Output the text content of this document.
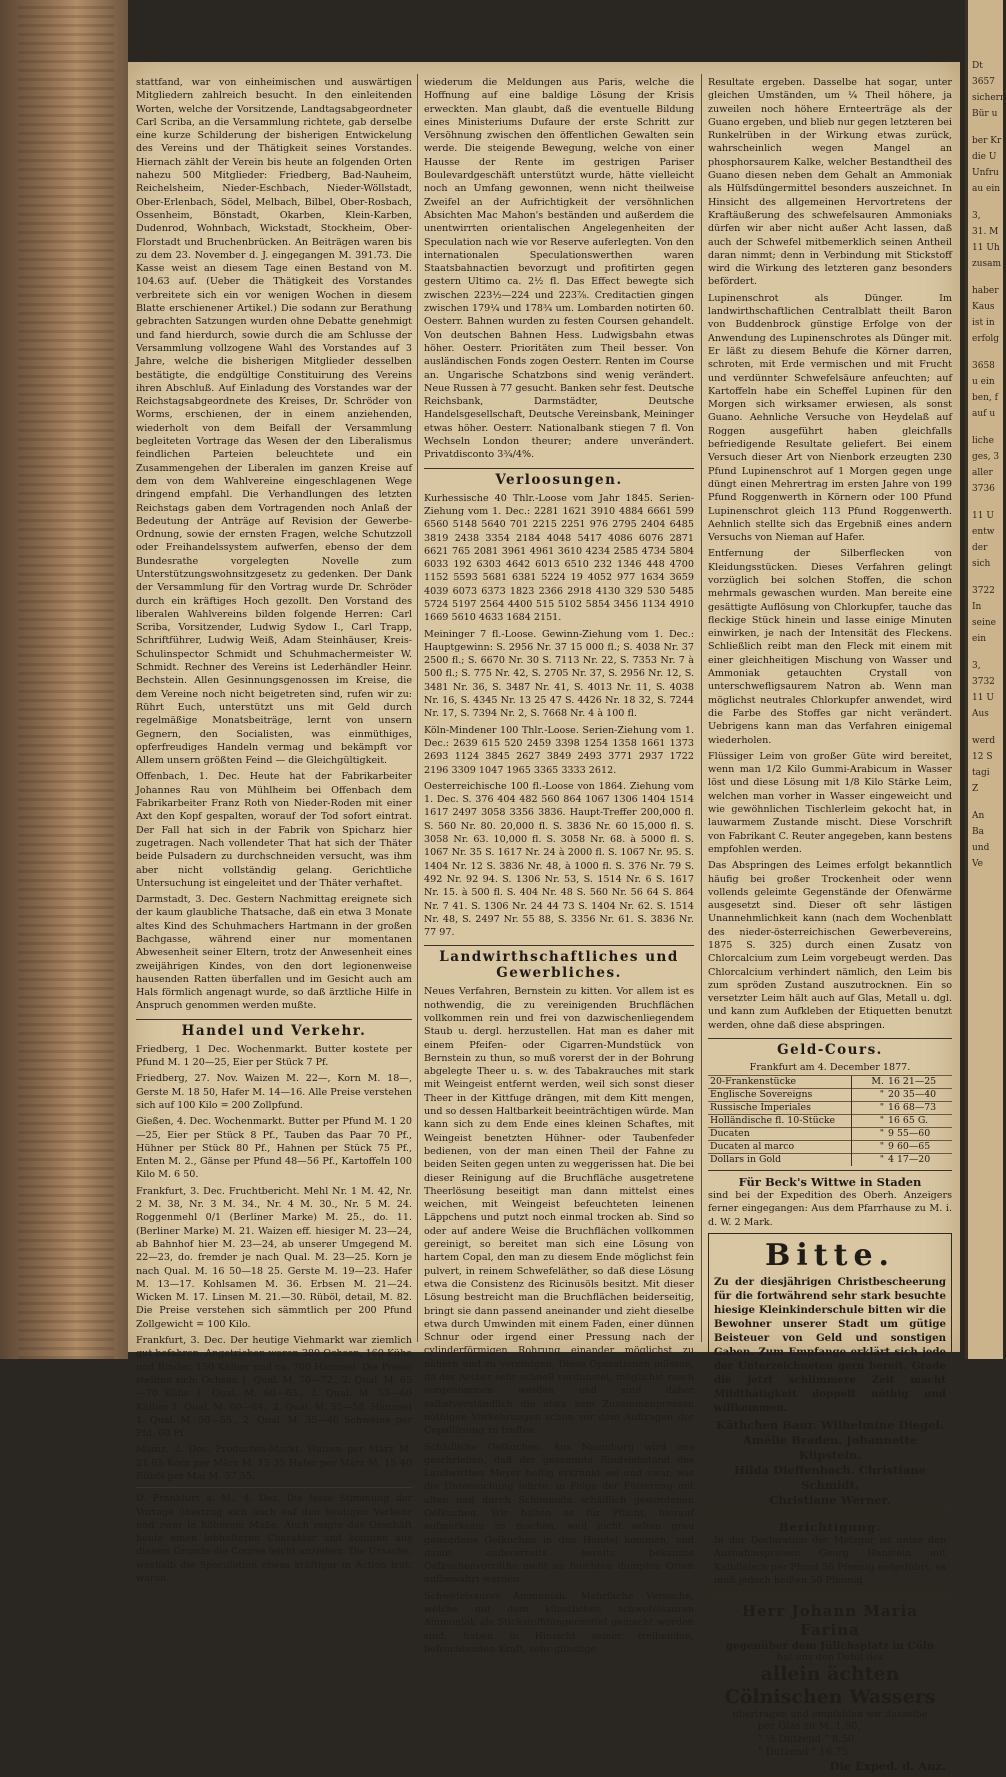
stattfand, war von einheimischen und auswärtigen Mitgliedern zahlreich besucht. In den einleitenden Worten, welche der Vorsitzende, Landtagsabgeordneter Carl Scriba, an die Versammlung richtete, gab derselbe eine kurze Schilderung der bisherigen Entwickelung des Vereins und der Thätigkeit seines Vorstandes. Hiernach zählt der Verein bis heute an folgenden Orten nahezu 500 Mitglieder: Friedberg, Bad-Nauheim, Reichelsheim, Nieder-Eschbach, Nieder-Wöllstadt, Ober-Erlenbach, Södel, Melbach, Bilbel, Ober-Rosbach, Ossenheim, Bönstadt, Okarben, Klein-Karben, Dudenrod, Wohnbach, Wickstadt, Stockheim, Ober-Florstadt und Bruchenbrücken. An Beiträgen waren bis zu dem 23. November d. J. eingegangen M. 391.73. Die Kasse weist an diesem Tage einen Bestand von M. 104.63 auf. (Ueber die Thätigkeit des Vorstandes verbreitete sich ein vor wenigen Wochen in diesem Blatte erschienener Artikel.) Die sodann zur Berathung gebrachten Satzungen wurden ohne Debatte genehmigt und fand hierdurch, sowie durch die am Schlusse der Versammlung vollzogene Wahl des Vorstandes auf 3 Jahre, welche die bisherigen Mitglieder desselben bestätigte, die endgültige Constituirung des Vereins ihren Abschluß. Auf Einladung des Vorstandes war der Reichstagsabgeordnete des Kreises, Dr. Schröder von Worms, erschienen, der in einem anziehenden, wiederholt von dem Beifall der Versammlung begleiteten Vortrage das Wesen der den Liberalismus feindlichen Parteien beleuchtete und ein Zusammengehen der Liberalen im ganzen Kreise auf dem von dem Wahlvereine eingeschlagenen Wege dringend empfahl. Die Verhandlungen des letzten Reichstags gaben dem Vortragenden noch Anlaß der Bedeutung der Anträge auf Revision der Gewerbe-Ordnung, sowie der ernsten Fragen, welche Schutzzoll oder Freihandelssystem aufwerfen, ebenso der dem Bundesrathe vorgelegten Novelle zum Unterstützungswohnsitzgesetz zu gedenken. Der Dank der Versammlung für den Vortrag wurde Dr. Schröder durch ein kräftiges Hoch gezollt. Den Vorstand des liberalen Wahlvereins bilden folgende Herren: Carl Scriba, Vorsitzender, Ludwig Sydow I., Carl Trapp, Schriftführer, Ludwig Weiß, Adam Steinhäuser, Kreis-Schulinspector Schmidt und Schuhmachermeister W. Schmidt. Rechner des Vereins ist Lederhändler Heinr. Bechstein. Allen Gesinnungsgenossen im Kreise, die dem Vereine noch nicht beigetreten sind, rufen wir zu: Rührt Euch, unterstützt uns mit Geld durch regelmäßige Monatsbeiträge, lernt von unsern Gegnern, den Socialisten, was einmüthiges, opferfreudiges Handeln vermag und bekämpft vor Allem unsern größten Feind — die Gleichgültigkeit.

Offenbach, 1. Dec. Heute hat der Fabrikarbeiter Johannes Rau von Mühlheim bei Offenbach dem Fabrikarbeiter Franz Roth von Nieder-Roden mit einer Axt den Kopf gespalten, worauf der Tod sofort eintrat. Der Fall hat sich in der Fabrik von Spicharz hier zugetragen. Nach vollendeter That hat sich der Thäter beide Pulsadern zu durchschneiden versucht, was ihm aber nicht vollständig gelang. Gerichtliche Untersuchung ist eingeleitet und der Thäter verhaftet.

Darmstadt, 3. Dec. Gestern Nachmittag ereignete sich der kaum glaubliche Thatsache, daß ein etwa 3 Monate altes Kind des Schuhmachers Hartmann in der großen Bachgasse, während einer nur momentanen Abwesenheit seiner Eltern, trotz der Anwesenheit eines zweijährigen Kindes, von den dort legionenweise hausenden Ratten überfallen und im Gesicht auch am Hals förmlich angenagt wurde, so daß ärztliche Hilfe in Anspruch genommen werden mußte.

Handel und Verkehr.

Friedberg, 1 Dec. Wochenmarkt. Butter kostete per Pfund M. 1 20—25, Eier per Stück 7 Pf.

Friedberg, 27. Nov. Waizen M. 22—, Korn M. 18—, Gerste M. 18 50, Hafer M. 14—16. Alle Preise verstehen sich auf 100 Kilo = 200 Zollpfund.

Gießen, 4. Dec. Wochenmarkt. Butter per Pfund M. 1 20—25, Eier per Stück 8 Pf., Tauben das Paar 70 Pf., Hühner per Stück 80 Pf., Hahnen per Stück 75 Pf., Enten M. 2., Gänse per Pfund 48—56 Pf., Kartoffeln 100 Kilo M. 6 50.

Frankfurt, 3. Dec. Fruchtbericht. Mehl Nr. 1 M. 42, Nr. 2 M. 38, Nr. 3 M. 34., Nr. 4 M. 30., Nr. 5 M. 24. Roggenmehl 0/1 (Berliner Marke) M. 25., do. 11. (Berliner Marke) M. 21. Waizen eff. hiesiger M. 23—24, ab Bahnhof hier M. 23—24, ab unserer Umgegend M. 22—23, do. fremder je nach Qual. M. 23—25. Korn je nach Qual. M. 16 50—18 25. Gerste M. 19—23. Hafer M. 13—17. Kohlsamen M. 36. Erbsen M. 21—24. Wicken M. 17. Linsen M. 21.—30. Rüböl, detail, M. 82. Die Preise verstehen sich sämmtlich per 200 Pfund Zollgewicht = 100 Kilo.

Frankfurt, 3. Dec. Der heutige Viehmarkt war ziemlich gut befahren. Angetrieben waren 380 Ochsen, 160 Kühe und Rinder, 150 Kälber und ca. 700 Hämmel. Die Preise stellten sich: Ochsen 1. Qual. M. 70—72., 2. Qual. M. 65—70 Kühe 1. Qual. M. 60—63., 2. Qual. M. 55—60 Kälber 1. Qual. M. 60—64., 2. Qual. M. 55—58. Hämmel 1. Qual. M. 50—55., 2. Qual. M. 35—40 Schweine per Pfd. 60 Pf.

Mainz, 3. Dec. Producten-Markt. Waizen per März M. 21.65 Korn per März M. 15 35 Hafer per März M. 15 40 Rüböl per Mai M. 37.55.

D. Frankfurt a. M., 4. Dez. Die feste Stimmung der Vortage übertrug sich auch auf den heutigen Verkehr und zwar in höherem Maße. Auch zeigte das Geschäft heute einen lebhafteren Charakter und konnten aus diesem Grunde die Course leicht anziehen. Die Ursache, weshalb die Speculation etwas kräftiger in Action trat, waren

wiederum die Meldungen aus Paris, welche die Hoffnung auf eine baldige Lösung der Krisis erweckten. Man glaubt, daß die eventuelle Bildung eines Ministeriums Dufaure der erste Schritt zur Versöhnung zwischen den öffentlichen Gewalten sein werde. Die steigende Bewegung, welche von einer Hausse der Rente im gestrigen Pariser Boulevardgeschäft unterstützt wurde, hätte vielleicht noch an Umfang gewonnen, wenn nicht theilweise Zweifel an der Aufrichtigkeit der versöhnlichen Absichten Mac Mahon's beständen und außerdem die unentwirrten orientalischen Angelegenheiten der Speculation nach wie vor Reserve auferlegten. Von den internationalen Speculationswerthen waren Staatsbahnactien bevorzugt und profitirten gegen gestern Ultimo ca. 2½ fl. Das Effect bewegte sich zwischen 223½—224 und 223⅞. Creditactien gingen zwischen 179¼ und 178¾ um. Lombarden notirten 60. Oesterr. Bahnen wurden zu festen Coursen gehandelt. Von deutschen Bahnen Hess. Ludwigsbahn etwas höher. Oesterr. Prioritäten zum Theil besser. Von ausländischen Fonds zogen Oesterr. Renten im Course an. Ungarische Schatzbons sind wenig verändert. Neue Russen à 77 gesucht. Banken sehr fest. Deutsche Reichsbank, Darmstädter, Deutsche Handelsgesellschaft, Deutsche Vereinsbank, Meininger etwas höher. Oesterr. Nationalbank stiegen 7 fl. Von Wechseln London theurer; andere unverändert. Privatdiscontо 3¾/4%.

Verloosungen.

Kurhessische 40 Thlr.-Loose vom Jahr 1845. Serien-Ziehung vom 1. Dec.: 2281 1621 3910 4884 6661 599 6560 5148 5640 701 2215 2251 976 2795 2404 6485 3819 2438 3354 2184 4048 5417 4086 6076 2871 6621 765 2081 3961 4961 3610 4234 2585 4734 5804 6033 192 6303 4642 6013 6510 232 1346 448 4700 1152 5593 5681 6381 5224 19 4052 977 1634 3659 4039 6073 6373 1823 2366 2918 4130 329 530 5485 5724 5197 2564 4400 515 5102 5854 3456 1134 4910 1669 5610 4633 1684 2151.

Meininger 7 fl.-Loose. Gewinn-Ziehung vom 1. Dec.: Hauptgewinn: S. 2956 Nr. 37 15 000 fl.; S. 4038 Nr. 37 2500 fl.; S. 6670 Nr. 30 S. 7113 Nr. 22, S. 7353 Nr. 7 à 500 fl.; S. 775 Nr. 42, S. 2705 Nr. 37, S. 2956 Nr. 12, S. 3481 Nr. 36, S. 3487 Nr. 41, S. 4013 Nr. 11, S. 4038 Nr. 16, S. 4345 Nr. 13 25 47 S. 4426 Nr. 18 32, S. 7244 Nr. 17, S. 7394 Nr. 2, S. 7668 Nr. 4 à 100 fl.

Köln-Mindener 100 Thlr.-Loose. Serien-Ziehung vom 1. Dec.: 2639 615 520 2459 3398 1254 1358 1661 1373 2693 1124 3845 2627 3849 2493 3771 2937 1722 2196 3309 1047 1965 3365 3333 2612.

Oesterreichische 100 fl.-Loose von 1864. Ziehung vom 1. Dec. S. 376 404 482 560 864 1067 1306 1404 1514 1617 2497 3058 3356 3836. Haupt-Treffer 200,000 fl. S. 560 Nr. 80. 20,000 fl. S. 3836 Nr. 60 15,000 fl. S. 3058 Nr. 63. 10,000 fl. S. 3058 Nr. 68. à 5000 fl. S. 1067 Nr. 35 S. 1617 Nr. 24 à 2000 fl. S. 1067 Nr. 95. S. 1404 Nr. 12 S. 3836 Nr. 48, à 1000 fl. S. 376 Nr. 79 S. 492 Nr. 92 94. S. 1306 Nr. 53, S. 1514 Nr. 6 S. 1617 Nr. 15. à 500 fl. S. 404 Nr. 48 S. 560 Nr. 56 64 S. 864 Nr. 7 41. S. 1306 Nr. 24 44 73 S. 1404 Nr. 62. S. 1514 Nr. 48, S. 2497 Nr. 55 88, S. 3356 Nr. 61. S. 3836 Nr. 77 97.

Landwirthschaftliches und Gewerbliches.

Neues Verfahren, Bernstein zu kitten. Vor allem ist es nothwendig, die zu vereinigenden Bruchflächen vollkommen rein und frei von dazwischenliegendem Staub u. dergl. herzustellen. Hat man es daher mit einem Pfeifen- oder Cigarren-Mundstück von Bernstein zu thun, so muß vorerst der in der Bohrung abgelegte Theer u. s. w. des Tabakrauches mit stark mit Weingeist entfernt werden, weil sich sonst dieser Theer in der Kittfuge drängen, mit dem Kitt mengen, und so dessen Haltbarkeit beeinträchtigen würde. Man kann sich zu dem Ende eines kleinen Schaftes, mit Weingeist benetzten Hühner- oder Taubenfeder bedienen, von der man einen Theil der Fahne zu beiden Seiten gegen unten zu weggerissen hat. Die bei dieser Reinigung auf die Bruchfläche ausgetretene Theerlösung beseitigt man dann mittelst eines weichen, mit Weingeist befeuchteten leinenen Läppchens und putzt noch einmal trocken ab. Sind so oder auf andere Weise die Bruchflächen vollkommen gereinigt, so bereitet man sich eine Lösung von hartem Copal, den man zu diesem Ende möglichst fein pulvert, in reinem Schwefeläther, so daß diese Lösung etwa die Consistenz des Ricinusöls besitzt. Mit dieser Lösung bestreicht man die Bruchflächen beiderseitig, bringt sie dann passend aneinander und zieht dieselbe etwa durch Umwinden mit einem Faden, einer dünnen Schnur oder irgend einer Pressung nach der cylinderförmigen Rohrung einander möglichst zu nähern und zu vereinigen. Diese Operationen müssen, da der Aether sehr schnell verdunstet, möglichst rasch vorgenommen werden und sind daher selbstverständlich die etwa zum Zusammenpressen nöthigen Vorkehrungen schon vor dem Auftragen der Copallösung zu treffen.

Schädliche Oelkuchen. Aus Naumburg wird uns geschrieben, daß der gesammte Rindviehstand des Landwirthes Meyer heftig erkrankt sei und zwar, wie die Untersuchung lehrte, in Folge der Fütterung mit alten und durch Schimmeln schädlich gewordenen Oelkuchen. Wir halten es für Pflicht, hierauf aufmerksam zu machen, weil nicht selten grau gewordene Oelkuchen in den Handel kommen, und damit andererseits bereits bekannte Oelkuchenvorräthe nicht an feuchten dumpfen Orten aufbewahrt werden.

Schwefelsaures Ammoniak. Mehrfache Versuche, welche mit dem künstlichen schwefelsauren Ammoniak als Stickstoffdüngermittel gemacht worden sind, haben in Hinsicht seiner treibenden, befruchtenden Kraft, sehr günstige

Resultate ergeben. Dasselbe hat sogar, unter gleichen Umständen, um ¼ Theil höhere, ja zuweilen noch höhere Ernteerträge als der Guano ergeben, und blieb nur gegen letzteren bei Runkelrüben in der Wirkung etwas zurück, wahrscheinlich wegen Mangel an phosphorsaurem Kalke, welcher Bestandtheil des Guano diesen neben dem Gehalt an Ammoniak als Hülfsdüngermittel besonders auszeichnet. In Hinsicht des allgemeinen Hervortretens der Kraftäußerung des schwefelsauren Ammoniaks dürfen wir aber nicht außer Acht lassen, daß auch der Schwefel mitbemerklich seinen Antheil daran nimmt; denn in Verbindung mit Stickstoff wird die Wirkung des letzteren ganz besonders befördert.

Lupinenschrot als Dünger. Im landwirthschaftlichen Centralblatt theilt Baron von Buddenbrock günstige Erfolge von der Anwendung des Lupinenschrotes als Dünger mit. Er läßt zu diesem Behufe die Körner darren, schroten, mit Erde vermischen und mit Frucht und verdünnter Schwefelsäure anfeuchten; auf Kartoffeln habe ein Scheffel Lupinen für den Morgen sich wirksamer erwiesen, als sonst Guano. Aehnliche Versuche von Heydelaß auf Roggen ausgeführt haben gleichfalls befriedigende Resultate geliefert. Bei einem Versuch dieser Art von Nienbork erzeugten 230 Pfund Lupinenschrot auf 1 Morgen gegen unge düngt einen Mehrertrag im ersten Jahre von 199 Pfund Roggenwerth in Körnern oder 100 Pfund Lupinenschrot gleich 113 Pfund Roggenwerth. Aehnlich stellte sich das Ergebniß eines andern Versuchs von Nieman auf Hafer.

Entfernung der Silberflecken von Kleidungsstücken. Dieses Verfahren gelingt vorzüglich bei solchen Stoffen, die schon mehrmals gewaschen wurden. Man bereite eine gesättigte Auflösung von Chlorkupfer, tauche das fleckige Stück hinein und lasse einige Minuten einwirken, je nach der Intensität des Fleckens. Schließlich reibt man den Fleck mit einem mit einer gleichheitigen Mischung von Wasser und Ammoniak getauchten Crystall von unterschwefligsaurem Natron ab. Wenn man möglichst neutrales Chlorkupfer anwendet, wird die Farbe des Stoffes gar nicht verändert. Uebrigens kann man das Verfahren einigemal wiederholen.

Flüssiger Leim von großer Güte wird bereitet, wenn man 1/2 Kilo Gummi-Arabicum in Wasser löst und diese Lösung mit 1/8 Kilo Stärke Leim, welchen man vorher in Wasser eingeweicht und wie gewöhnlichen Tischlerleim gekocht hat, in lauwarmem Zustande mischt. Diese Vorschrift von Fabrikant C. Reuter angegeben, kann bestens empfohlen werden.

Das Abspringen des Leimes erfolgt bekanntlich häufig bei großer Trockenheit oder wenn vollends geleimte Gegenstände der Ofenwärme ausgesetzt sind. Dieser oft sehr lästigen Unannehmlichkeit kann (nach dem Wochenblatt des nieder-österreichischen Gewerbevereins, 1875 S. 325) durch einen Zusatz von Chlorcalcium zum Leim vorgebeugt werden. Das Chlorcalcium verhindert nämlich, den Leim bis zum spröden Zustand auszutrocknen. Ein so versetzter Leim hält auch auf Glas, Metall u. dgl. und kann zum Aufkleben der Etiquetten benutzt werden, ohne daß diese abspringen.

Geld-Cours.
Frankfurt am 4. December 1877.
20-Frankenstücke	M.	16 21—25
Englische Sovereigns	"	20 35—40
Russische Imperiales	"	16 68—73
Holländische fl. 10-Stücke	"	16 65 G.
Ducaten	"	9 55—60
Ducaten al marco	"	9 60—65
Dollars in Gold	"	4 17—20
Für Beck's Wittwe in Staden

sind bei der Expedition des Oberh. Anzeigers ferner eingegangen: Aus dem Pfarrhause zu M. i. d. W. 2 Mark.

Bitte.

Zu der diesjährigen Christbescheerung für die fortwährend sehr stark besuchte hiesige Kleinkinderschule bitten wir die Bewohner unserer Stadt um gütige Beisteuer von Geld und sonstigen Gaben. Zum Empfange erklärt sich jede der Unterzeichneten gern bereit. Grade die jetzt schlimmere Zeit macht Mildthätigkeit doppelt nöthig und willkommen.

Käthchen Baur. Wilhelmine Diegel.
Amélie Braden. Johannette Klipstein.
Hilda Dieffenbach. Christiane Schmidt.
Christiane Werner.
Berichtigung.

In der Declaration der Metzger ist unter den Ausnahmspreisen Georg Hanstein mit Kalbfleisch per Pfund 56 Pfennig aufgeführt; es muß jedoch heißen 50 Pfennig.

Herr Johann Maria Farina
gegenüber dem Jülichsplatz in Cöln
hat uns den Debit des
allein ächten Cölnischen Wassers
übertragen und empfehlen wir dasselbe
per Glas zu M. 1,50,
" ½ Dutzend " 8.50,
" Dutzend " 16.75.
Die Exped. d. Anz.
Dt
3657
sichern
Bür u
ber Kr
die U
Unfru
au ein
3,
31. M
11 Uh
zusam
haber
Kaus
ist in
erfolg
3658
u ein
ben, f
auf u
liche
ges, 3
aller
3736
11 U
entw
der
sich
3722
In
seine
ein
3,
3732
11 U
Aus
werd
12 S
tagi
Z
An
Ba
und
Ve
